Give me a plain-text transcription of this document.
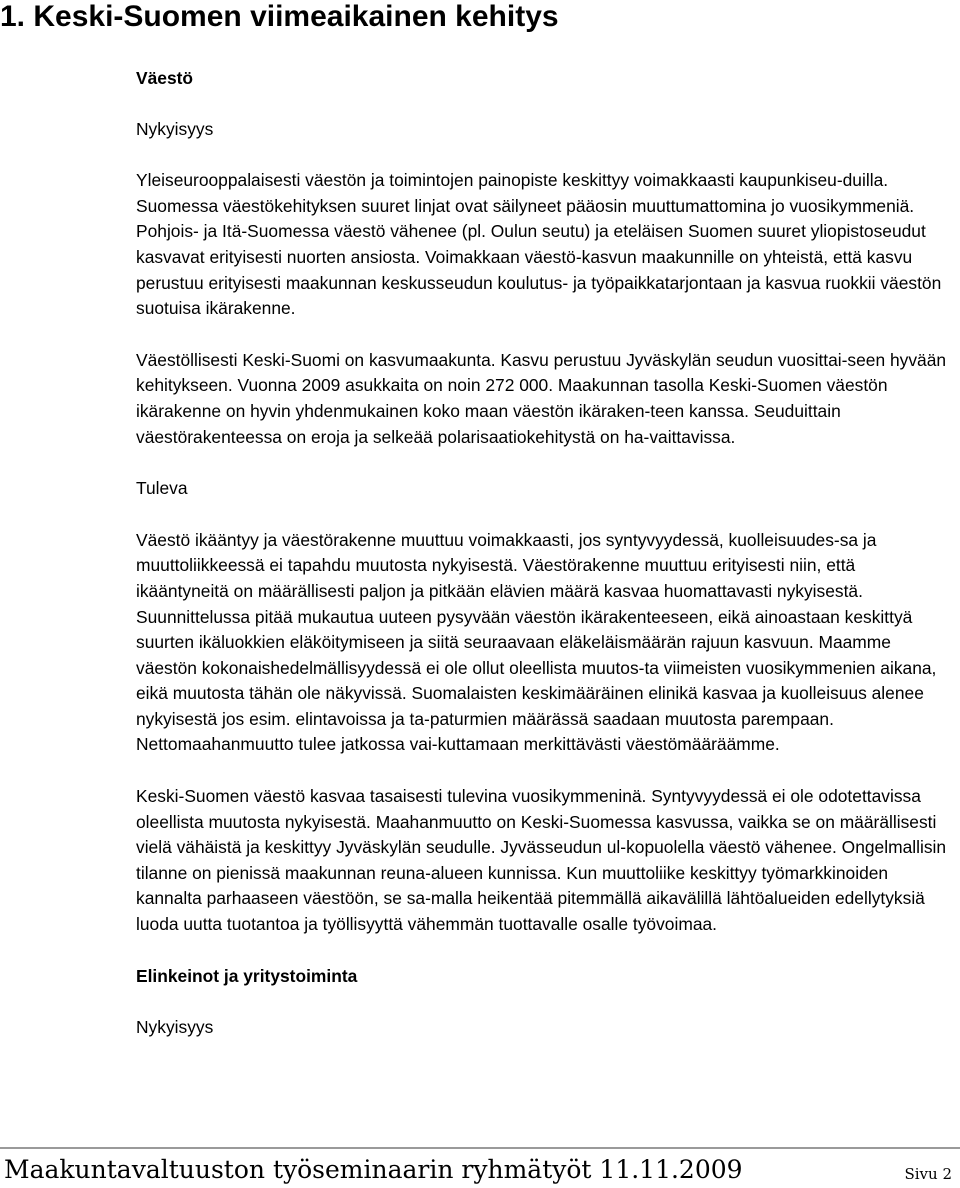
1. Keski-Suomen viimeaikainen kehitys

Väestö

Nykyisyys

Yleiseurooppalaisesti väestön ja toimintojen painopiste keskittyy voimakkaasti kaupunkiseu-duilla. Suomessa väestökehityksen suuret linjat ovat säilyneet pääosin muuttumattomina jo vuosikymmeniä. Pohjois- ja Itä-Suomessa väestö vähenee (pl. Oulun seutu) ja eteläisen Suomen suuret yliopistoseudut kasvavat erityisesti nuorten ansiosta. Voimakkaan väestö-kasvun maakunnille on yhteistä, että kasvu perustuu erityisesti maakunnan keskusseudun koulutus- ja työpaikkatarjontaan ja kasvua ruokkii väestön suotuisa ikärakenne.

Väestöllisesti Keski-Suomi on kasvumaakunta. Kasvu perustuu Jyväskylän seudun vuosittai-seen hyvään kehitykseen. Vuonna 2009 asukkaita on noin 272 000. Maakunnan tasolla Keski-Suomen väestön ikärakenne on hyvin yhdenmukainen koko maan väestön ikäraken-teen kanssa. Seuduittain väestörakenteessa on eroja ja selkeää polarisaatiokehitystä on ha-vaittavissa.

Tuleva

Väestö ikääntyy ja väestörakenne muuttuu voimakkaasti, jos syntyvyydessä, kuolleisuudes-sa ja muuttoliikkeessä ei tapahdu muutosta nykyisestä. Väestörakenne muuttuu erityisesti niin, että ikääntyneitä on määrällisesti paljon ja pitkään elävien määrä kasvaa huomattavasti nykyisestä. Suunnittelussa pitää mukautua uuteen pysyvään väestön ikärakenteeseen, eikä ainoastaan keskittyä suurten ikäluokkien eläköitymiseen ja siitä seuraavaan eläkeläismäärän rajuun kasvuun. Maamme väestön kokonaishedelmällisyydessä ei ole ollut oleellista muutos-ta viimeisten vuosikymmenien aikana, eikä muutosta tähän ole näkyvissä. Suomalaisten keskimääräinen elinikä kasvaa ja kuolleisuus alenee nykyisestä jos esim. elintavoissa ja ta-paturmien määrässä saadaan muutosta parempaan. Nettomaahanmuutto tulee jatkossa vai-kuttamaan merkittävästi väestömääräämme.

Keski-Suomen väestö kasvaa tasaisesti tulevina vuosikymmeninä. Syntyvyydessä ei ole odotettavissa oleellista muutosta nykyisestä. Maahanmuutto on Keski-Suomessa kasvussa, vaikka se on määrällisesti vielä vähäistä ja keskittyy Jyväskylän seudulle. Jyvässeudun ul-kopuolella väestö vähenee. Ongelmallisin tilanne on pienissä maakunnan reuna-alueen kunnissa. Kun muuttoliike keskittyy työmarkkinoiden kannalta parhaaseen väestöön, se sa-malla heikentää pitemmällä aikavälillä lähtöalueiden edellytyksiä luoda uutta tuotantoa ja työllisyyttä vähemmän tuottavalle osalle työvoimaa.

Elinkeinot ja yritystoiminta

Nykyisyys

Maakuntavaltuuston työseminaarin ryhmätyöt 11.11.2009	Sivu 2
